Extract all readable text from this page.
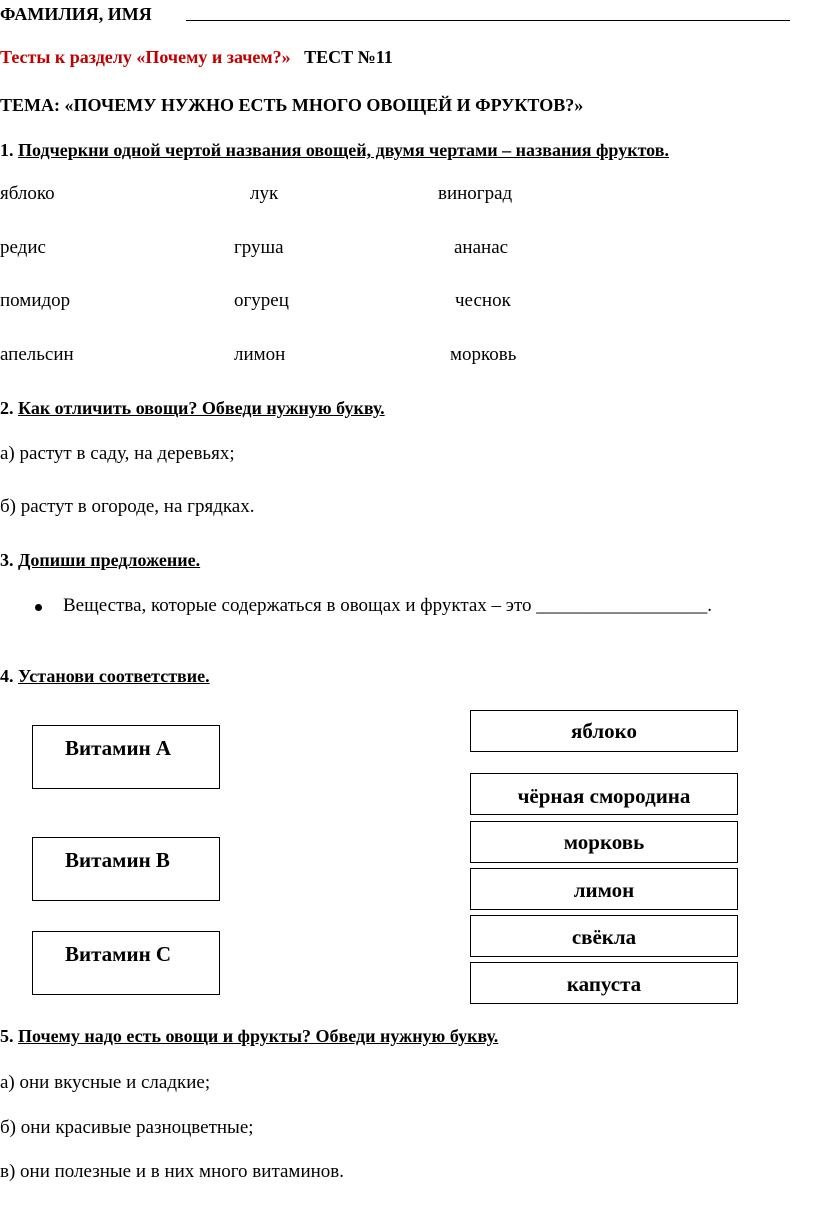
ФАМИЛИЯ, ИМЯ
Тесты к разделу «Почему и зачем?» ТЕСТ №11
ТЕМА: «ПОЧЕМУ НУЖНО ЕСТЬ МНОГО ОВОЩЕЙ И ФРУКТОВ?»
1. Подчеркни одной чертой названия овощей, двумя чертами – названия фруктов.
яблоко	лук	виноград
редис	груша	ананас
помидор	огурец	чеснок
апельсин	лимон	морковь
2. Как отличить овощи? Обведи нужную букву.
а) растут в саду, на деревьях;
б) растут в огороде, на грядках.
3. Допиши предложение.
Вещества, которые содержаться в овощах и фруктах – это __________________.
4. Установи соответствие.
Витамин А
Витамин В
Витамин С
яблоко
чёрная смородина
морковь
лимон
свёкла
капуста
5. Почему надо есть овощи и фрукты? Обведи нужную букву.
а) они вкусные и сладкие;
б) они красивые разноцветные;
в) они полезные и в них много витаминов.
